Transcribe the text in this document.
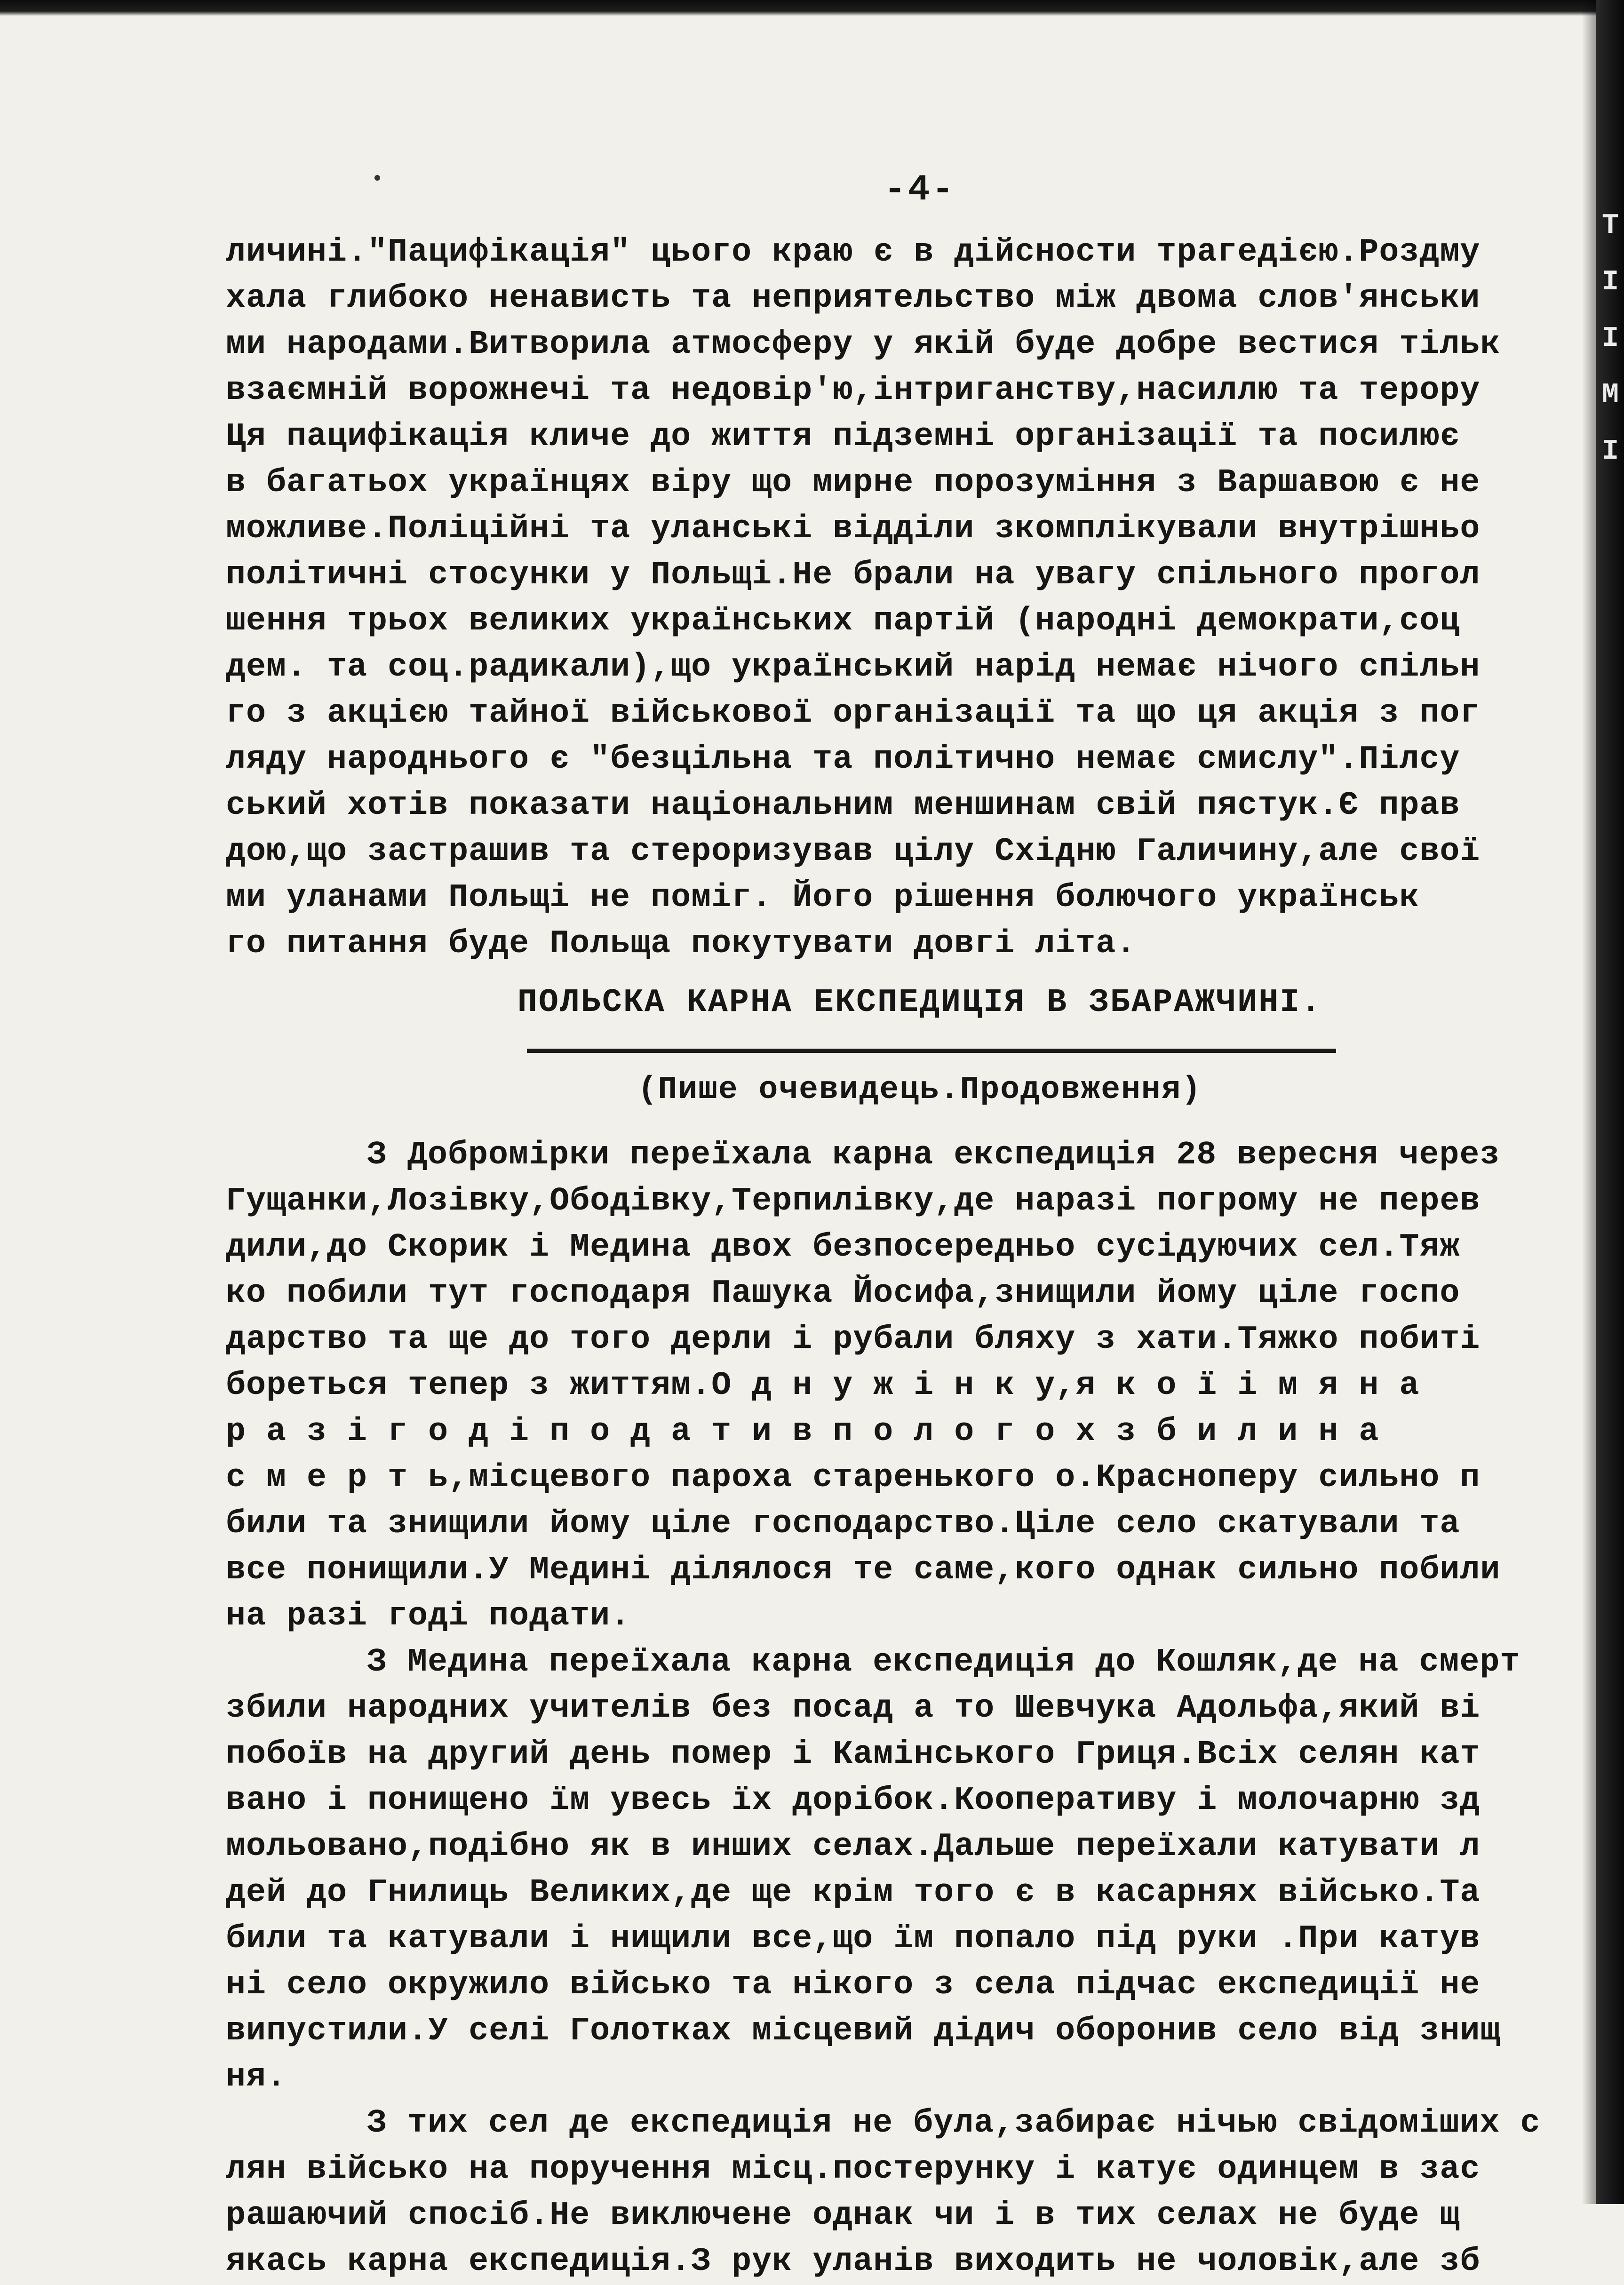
Т
І
І
М
І
-4-
личині."Пацифікація" цього краю є в дійсности трагедією.Роздму
хала глибоко ненависть та неприятельство між двома слов'янськи
ми нарoдами.Витворила атмосферу у якій буде добре вестися тільк
взаємній ворожнечі та недовір'ю,інтриганству,насиллю та терору
Ця пацифікація кличе до життя підземні організації та посилює
в багатьох українцях віру що мирне порозуміння з Варшавою є не
можливе.Поліційні та уланські відділи зкомплікували внутрішньо
політичні стосунки у Польщі.Не брали на увагу спільного прогол
шення трьох великих українських партій (народні демократи,соц
дем. та соц.радикали),що український нарід немає нічого спільн
го з акцією тайної військової організації та що ця акція з пог
ляду народнього є "безцільна та політично немає смислу".Пілсу
ський хотів показати національним меншинам свій пястук.Є прав
дою,що застрашив та стероризував цілу Східню Галичину,але свої
ми уланами Польщі не поміг. Його рішення болючого українськ
го питання буде Польща покутувати довгі літа.
ПОЛЬСКА КАРНА ЕКСПЕДИЦІЯ В ЗБАРАЖЧИНІ.
(Пише очевидець.Продовження)
З Добромірки переїхала карна експедиція 28 вересня через
Гущанки,Лозівку,Ободівку,Терпилівку,де наразі погрому не перев
дили,до Скорик і Медина двох безпосередньо сусідуючих сел.Тяж
ко побили тут господаря Пашука Йосифа,знищили йому ціле госпо
дарство та ще до того дерли і рубали бляху з хати.Тяжко побиті
бореться тепер з життям.О д н у ж і н к у,я к о ї і м я н а
р а з і г о д і п о д а т и в п о л о г о х з б и л и н а
с м е р т ь,місцевого пароха старенького о.Красноперу сильно п
били та знищили йому ціле господарство.Ціле село скатували та
все понищили.У Медині ділялося те саме,кого однак сильно побили
на разі годі подати.
З Медина переїхала карна експедиція до Кошляк,де на смерт
збили народних учителів без посад а то Шевчука Адольфа,який ві
побоїв на другий день помер і Камінського Гриця.Всіх селян кат
вано і понищено їм увесь їх дорібок.Кооперативу і молочарню зд
мольовано,подібно як в инших селах.Дальше переїхали катувати л
дей до Гнилиць Великих,де ще крім того є в касарнях військо.Та
били та катували і нищили все,що їм попало під руки .При катув
ні село окружило військо та нікого з села підчас експедиції не
випустили.У селі Голотках місцевий дідич оборонив село від знищ
ня.
З тих сел де експедиція не була,забирає нічью свідоміших с
лян військо на поручення місц.постерунку і катує одинцем в зас
рашаючий спосіб.Не виключене однак чи і в тих селах не буде щ
якась карна експедиція.З рук уланів виходить не чоловік,але зб
